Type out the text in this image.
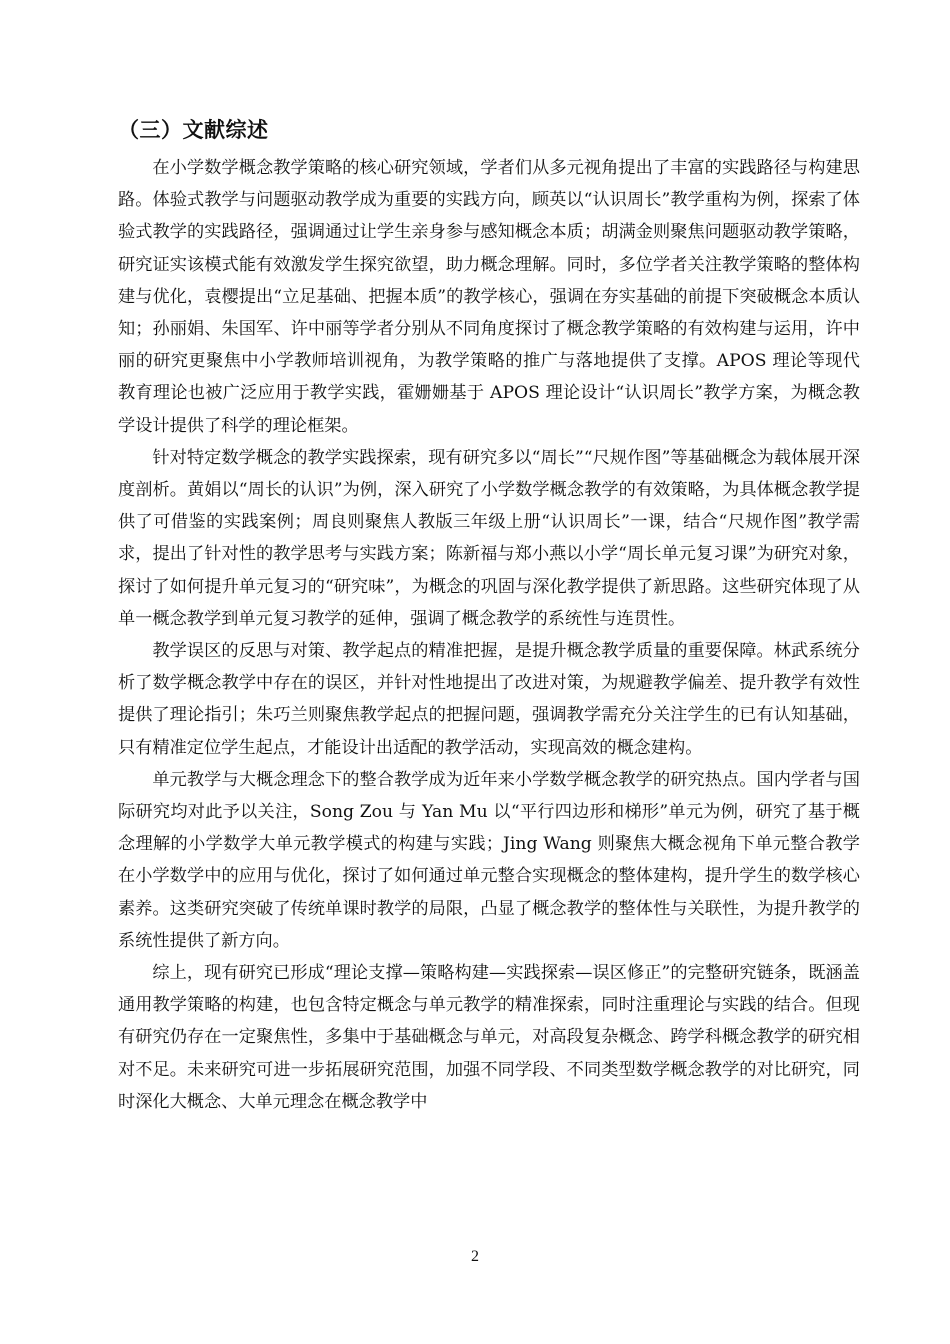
（三）文献综述

在小学数学概念教学策略的核心研究领域，学者们从多元视角提出了丰富的实践路径与构建思路。体验式教学与问题驱动教学成为重要的实践方向，顾英以“认识周长”教学重构为例，探索了体验式教学的实践路径，强调通过让学生亲身参与感知概念本质；胡满金则聚焦问题驱动教学策略，研究证实该模式能有效激发学生探究欲望，助力概念理解。同时，多位学者关注教学策略的整体构建与优化，袁樱提出“立足基础、把握本质”的教学核心，强调在夯实基础的前提下突破概念本质认知；孙丽娟、朱国军、许中丽等学者分别从不同角度探讨了概念教学策略的有效构建与运用，许中丽的研究更聚焦中小学教师培训视角，为教学策略的推广与落地提供了支撑。APOS 理论等现代教育理论也被广泛应用于教学实践，霍姗姗基于 APOS 理论设计“认识周长”教学方案，为概念教学设计提供了科学的理论框架。

针对特定数学概念的教学实践探索，现有研究多以“周长”“尺规作图”等基础概念为载体展开深度剖析。黄娟以“周长的认识”为例，深入研究了小学数学概念教学的有效策略，为具体概念教学提供了可借鉴的实践案例；周良则聚焦人教版三年级上册“认识周长”一课，结合“尺规作图”教学需求，提出了针对性的教学思考与实践方案；陈新福与郑小燕以小学“周长单元复习课”为研究对象，探讨了如何提升单元复习的“研究味”，为概念的巩固与深化教学提供了新思路。这些研究体现了从单一概念教学到单元复习教学的延伸，强调了概念教学的系统性与连贯性。

教学误区的反思与对策、教学起点的精准把握，是提升概念教学质量的重要保障。林武系统分析了数学概念教学中存在的误区，并针对性地提出了改进对策，为规避教学偏差、提升教学有效性提供了理论指引；朱巧兰则聚焦教学起点的把握问题，强调教学需充分关注学生的已有认知基础，只有精准定位学生起点，才能设计出适配的教学活动，实现高效的概念建构。

单元教学与大概念理念下的整合教学成为近年来小学数学概念教学的研究热点。国内学者与国际研究均对此予以关注，Song Zou 与 Yan Mu 以“平行四边形和梯形”单元为例，研究了基于概念理解的小学数学大单元教学模式的构建与实践；Jing Wang 则聚焦大概念视角下单元整合教学在小学数学中的应用与优化，探讨了如何通过单元整合实现概念的整体建构，提升学生的数学核心素养。这类研究突破了传统单课时教学的局限，凸显了概念教学的整体性与关联性，为提升教学的系统性提供了新方向。

综上，现有研究已形成“理论支撑—策略构建—实践探索—误区修正”的完整研究链条，既涵盖通用教学策略的构建，也包含特定概念与单元教学的精准探索，同时注重理论与实践的结合。但现有研究仍存在一定聚焦性，多集中于基础概念与单元，对高段复杂概念、跨学科概念教学的研究相对不足。未来研究可进一步拓展研究范围，加强不同学段、不同类型数学概念教学的对比研究，同时深化大概念、大单元理念在概念教学中

2
